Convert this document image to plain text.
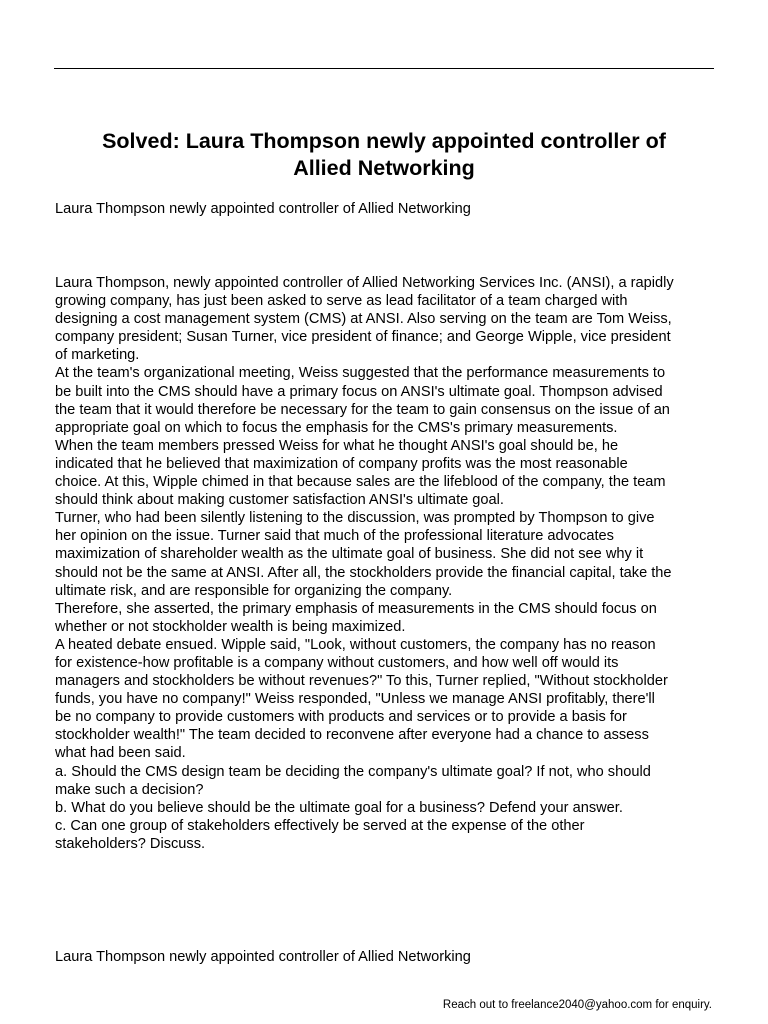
Solved: Laura Thompson newly appointed controller of
Allied Networking

Laura Thompson newly appointed controller of Allied Networking

Laura Thompson, newly appointed controller of Allied Networking Services Inc. (ANSI), a rapidly
growing company, has just been asked to serve as lead facilitator of a team charged with
designing a cost management system (CMS) at ANSI. Also serving on the team are Tom Weiss,
company president; Susan Turner, vice president of finance; and George Wipple, vice president
of marketing.
At the team's organizational meeting, Weiss suggested that the performance measurements to
be built into the CMS should have a primary focus on ANSI's ultimate goal. Thompson advised
the team that it would therefore be necessary for the team to gain consensus on the issue of an
appropriate goal on which to focus the emphasis for the CMS's primary measurements.
When the team members pressed Weiss for what he thought ANSI's goal should be, he
indicated that he believed that maximization of company profits was the most reasonable
choice. At this, Wipple chimed in that because sales are the lifeblood of the company, the team
should think about making customer satisfaction ANSI's ultimate goal.
Turner, who had been silently listening to the discussion, was prompted by Thompson to give
her opinion on the issue. Turner said that much of the professional literature advocates
maximization of shareholder wealth as the ultimate goal of business. She did not see why it
should not be the same at ANSI. After all, the stockholders provide the financial capital, take the
ultimate risk, and are responsible for organizing the company.
Therefore, she asserted, the primary emphasis of measurements in the CMS should focus on
whether or not stockholder wealth is being maximized.
A heated debate ensued. Wipple said, "Look, without customers, the company has no reason
for existence-how profitable is a company without customers, and how well off would its
managers and stockholders be without revenues?" To this, Turner replied, "Without stockholder
funds, you have no company!" Weiss responded, "Unless we manage ANSI profitably, there'll
be no company to provide customers with products and services or to provide a basis for
stockholder wealth!" The team decided to reconvene after everyone had a chance to assess
what had been said.
a. Should the CMS design team be deciding the company's ultimate goal? If not, who should
make such a decision?
b. What do you believe should be the ultimate goal for a business? Defend your answer.
c. Can one group of stakeholders effectively be served at the expense of the other
stakeholders? Discuss.

Laura Thompson newly appointed controller of Allied Networking

Reach out to freelance2040@yahoo.com for enquiry.
